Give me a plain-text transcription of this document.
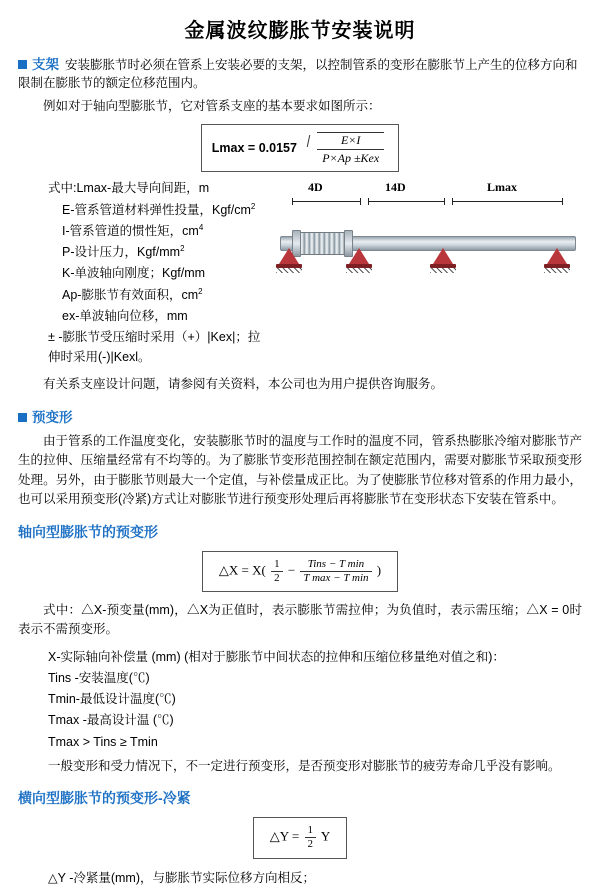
金属波纹膨胀节安装说明
支架 安装膨胀节时必须在管系上安装必要的支架，以控制管系的变形在膨胀节上产生的位移方向和限制在膨胀节的额定位移范围内。

例如对于轴向型膨胀节，它对管系支座的基本要求如图所示：

$Lmax = 0.0157 \frac{E\times I}{\text{P×Ap ±Kex}}$
式中:Lmax-最大导向间距，m
E-管系管道材料弹性投量，Kgf/$cm^2$
I-管系管道的惯性矩，$cm^4$
P-设计压力，Kgf/$mm^2$
K-单波轴向刚度；Kgf/mm
Ap-膨胀节有效面积，$cm^2$
ex-单波轴向位移，mm
± -膨胀节受压缩时采用（+）|Kex|；拉伸时采用(-)|Kexl。
4D	14D	Lmax

有关系支座设计问题，请参阅有关资料，本公司也为用户提供咨询服务。

预变形

由于管系的工作温度变化，安装膨胀节时的温度与工作时的温度不同，管系热膨胀冷缩对膨胀节产生的拉伸、压缩量经常有不均等的。为了膨胀节变形范围控制在额定范围内，需要对膨胀节采取预变形处理。另外，由于膨胀节则最大一个定值，与补偿量成正比。为了使膨胀节位移对管系的作用力最小，也可以采用预变形(冷紧)方式让对膨胀节进行预变形处理后再将膨胀节在变形状态下安装在管系中。

轴向型膨胀节的预变形
△X = $X( \frac{1}{2} - \frac{\text{Tins − T min}}{\text{T max − T min}}$ )

式中：△X-预变量(mm)，△X为正值时，表示膨胀节需拉伸；为负值时，表示需压缩；△X = 0时表示不需预变形。

X-实际轴向补偿量 (mm) (相对于膨胀节中间状态的拉伸和压缩位移量绝对值之和)：
Tins -安装温度(℃)
Tmin-最低设计温度(℃)
Tmax -最高设计温 (℃)
Tmax > Tins ≥ Tmin
一般变形和受力情况下，不一定进行预变形，是否预变形对膨胀节的疲劳寿命几乎没有影响。
横向型膨胀节的预变形-冷紧
△Y = $\frac{1}{2}$ Y
△Y -冷紧量(mm)，与膨胀节实际位移方向相反；
